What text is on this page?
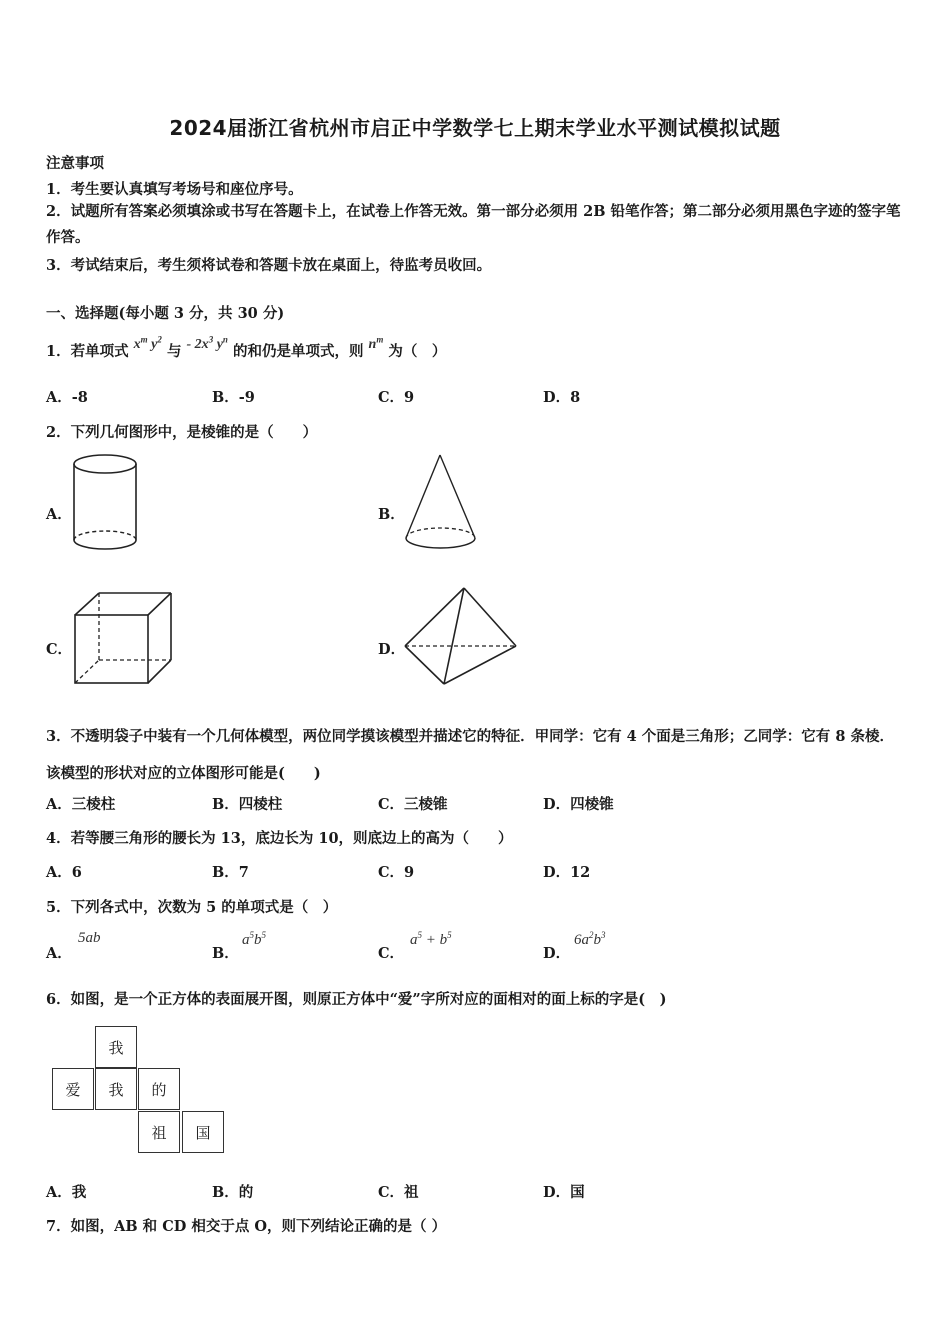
2024届浙江省杭州市启正中学数学七上期末学业水平测试模拟试题
注意事项
1．考生要认真填写考场号和座位序号。
2．试题所有答案必须填涂或书写在答题卡上，在试卷上作答无效。第一部分必须用 2B 铅笔作答；第二部分必须用黑色字迹的签字笔作答。
3．考试结束后，考生须将试卷和答题卡放在桌面上，待监考员收回。
一、选择题(每小题 3 分，共 30 分)
1．若单项式 $x^m$ $y^2$ 与 - $2x^3$ $y^n$ 的和仍是单项式，则 $n^m$ 为（　）
A．-8	B．-9	C．9	D．8
2．下列几何图形中，是棱锥的是（　　）
A．	B．
C．	D．
3．不透明袋子中装有一个几何体模型，两位同学摸该模型并描述它的特征．甲同学：它有 4 个面是三角形；乙同学：它有 8 条棱．该模型的形状对应的立体图形可能是(　　)
A．三棱柱	B．四棱柱	C．三棱锥	D．四棱锥
4．若等腰三角形的腰长为 13，底边长为 10，则底边上的高为（　　）
A．6	B．7	C．9	D．12
5．下列各式中，次数为 5 的单项式是（　）
A．
5ab
B．
$a^5b^5$
C．
$a^5 + b^5$
D．
$6a^2b^3$
6．如图，是一个正方体的表面展开图，则原正方体中“爱”字所对应的面相对的面上标的字是(　)
我
爱	我	的
祖	国
A．我	B．的	C．祖	D．国
7．如图，AB 和 CD 相交于点 O，则下列结论正确的是（ ）
